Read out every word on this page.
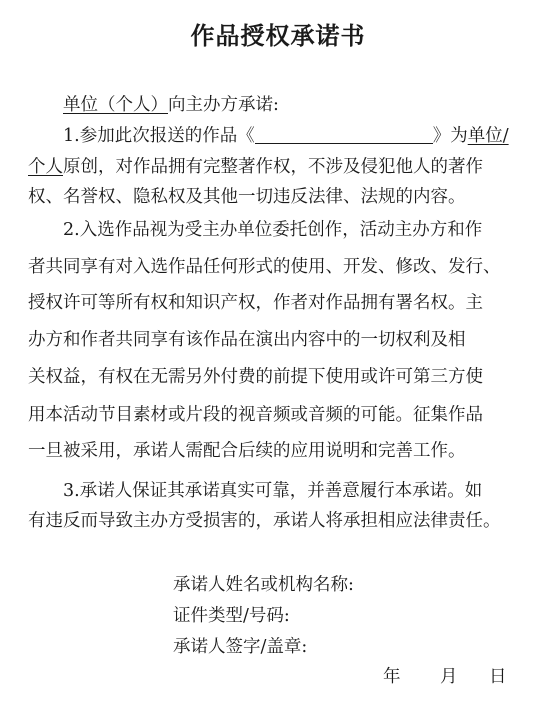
作品授权承诺书
单位（个人）向主办方承诺:
1.参加此次报送的作品《	》为单位/
个人原创，对作品拥有完整著作权，不涉及侵犯他人的著作
权、名誉权、隐私权及其他一切违反法律、法规的内容。
2.入选作品视为受主办单位委托创作，活动主办方和作
者共同享有对入选作品任何形式的使用、开发、修改、发行、
授权许可等所有权和知识产权，作者对作品拥有署名权。主
办方和作者共同享有该作品在演出内容中的一切权利及相
关权益，有权在无需另外付费的前提下使用或许可第三方使
用本活动节目素材或片段的视音频或音频的可能。征集作品
一旦被采用，承诺人需配合后续的应用说明和完善工作。
3.承诺人保证其承诺真实可靠，并善意履行本承诺。如
有违反而导致主办方受损害的，承诺人将承担相应法律责任。
承诺人姓名或机构名称:
证件类型/号码:
承诺人签字/盖章:
年 月 日
